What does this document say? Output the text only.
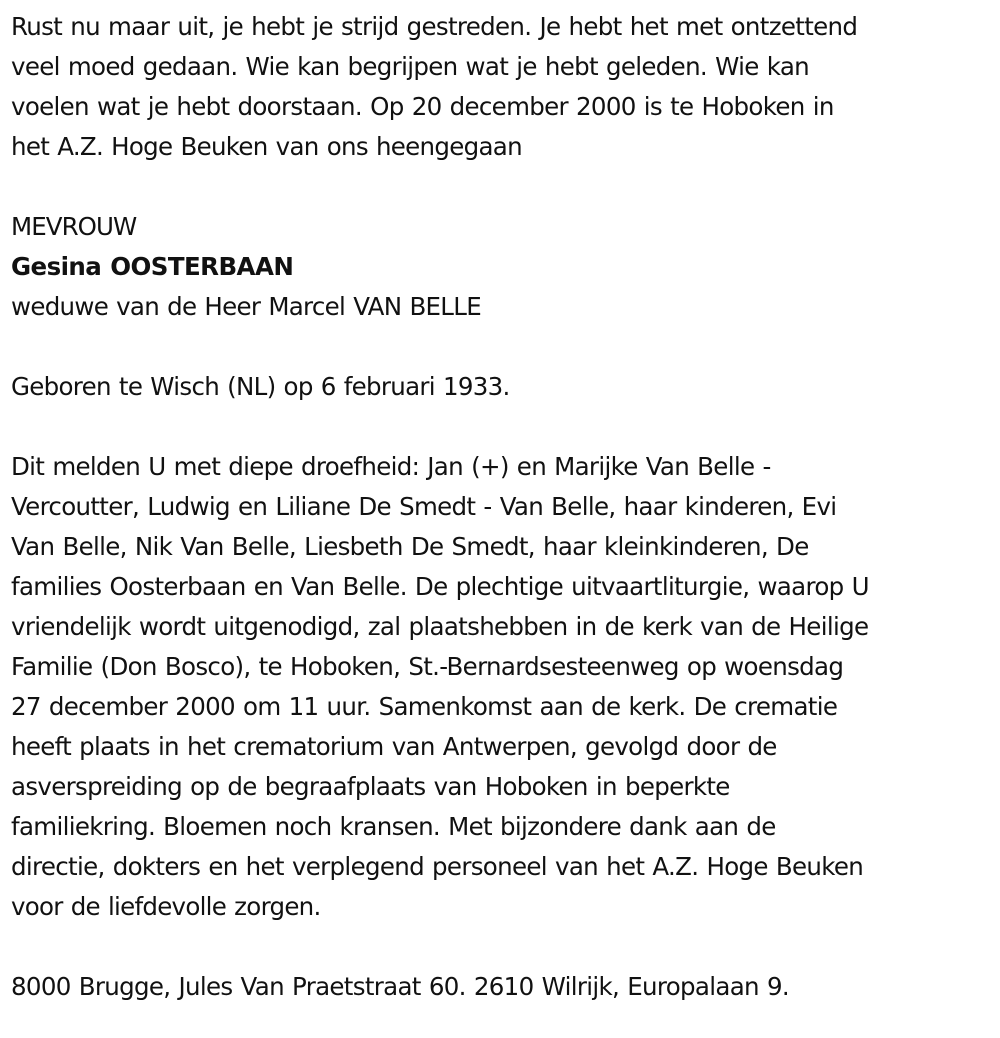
Rust nu maar uit, je hebt je strijd gestreden. Je hebt het met ontzettend
veel moed gedaan. Wie kan begrijpen wat je hebt geleden. Wie kan
voelen wat je hebt doorstaan. Op 20 december 2000 is te Hoboken in
het A.Z. Hoge Beuken van ons heengegaan

MEVROUW

Gesina OOSTERBAAN

weduwe van de Heer Marcel VAN BELLE

Geboren te Wisch (NL) op 6 februari 1933.

Dit melden U met diepe droefheid: Jan (+) en Marijke Van Belle -
Vercoutter, Ludwig en Liliane De Smedt - Van Belle, haar kinderen, Evi
Van Belle, Nik Van Belle, Liesbeth De Smedt, haar kleinkinderen, De
families Oosterbaan en Van Belle. De plechtige uitvaartliturgie, waarop U
vriendelijk wordt uitgenodigd, zal plaatshebben in de kerk van de Heilige
Familie (Don Bosco), te Hoboken, St.-Bernardsesteenweg op woensdag
27 december 2000 om 11 uur. Samenkomst aan de kerk. De crematie
heeft plaats in het crematorium van Antwerpen, gevolgd door de
asverspreiding op de begraafplaats van Hoboken in beperkte
familiekring. Bloemen noch kransen. Met bijzondere dank aan de
directie, dokters en het verplegend personeel van het A.Z. Hoge Beuken
voor de liefdevolle zorgen.

8000 Brugge, Jules Van Praetstraat 60. 2610 Wilrijk, Europalaan 9.
